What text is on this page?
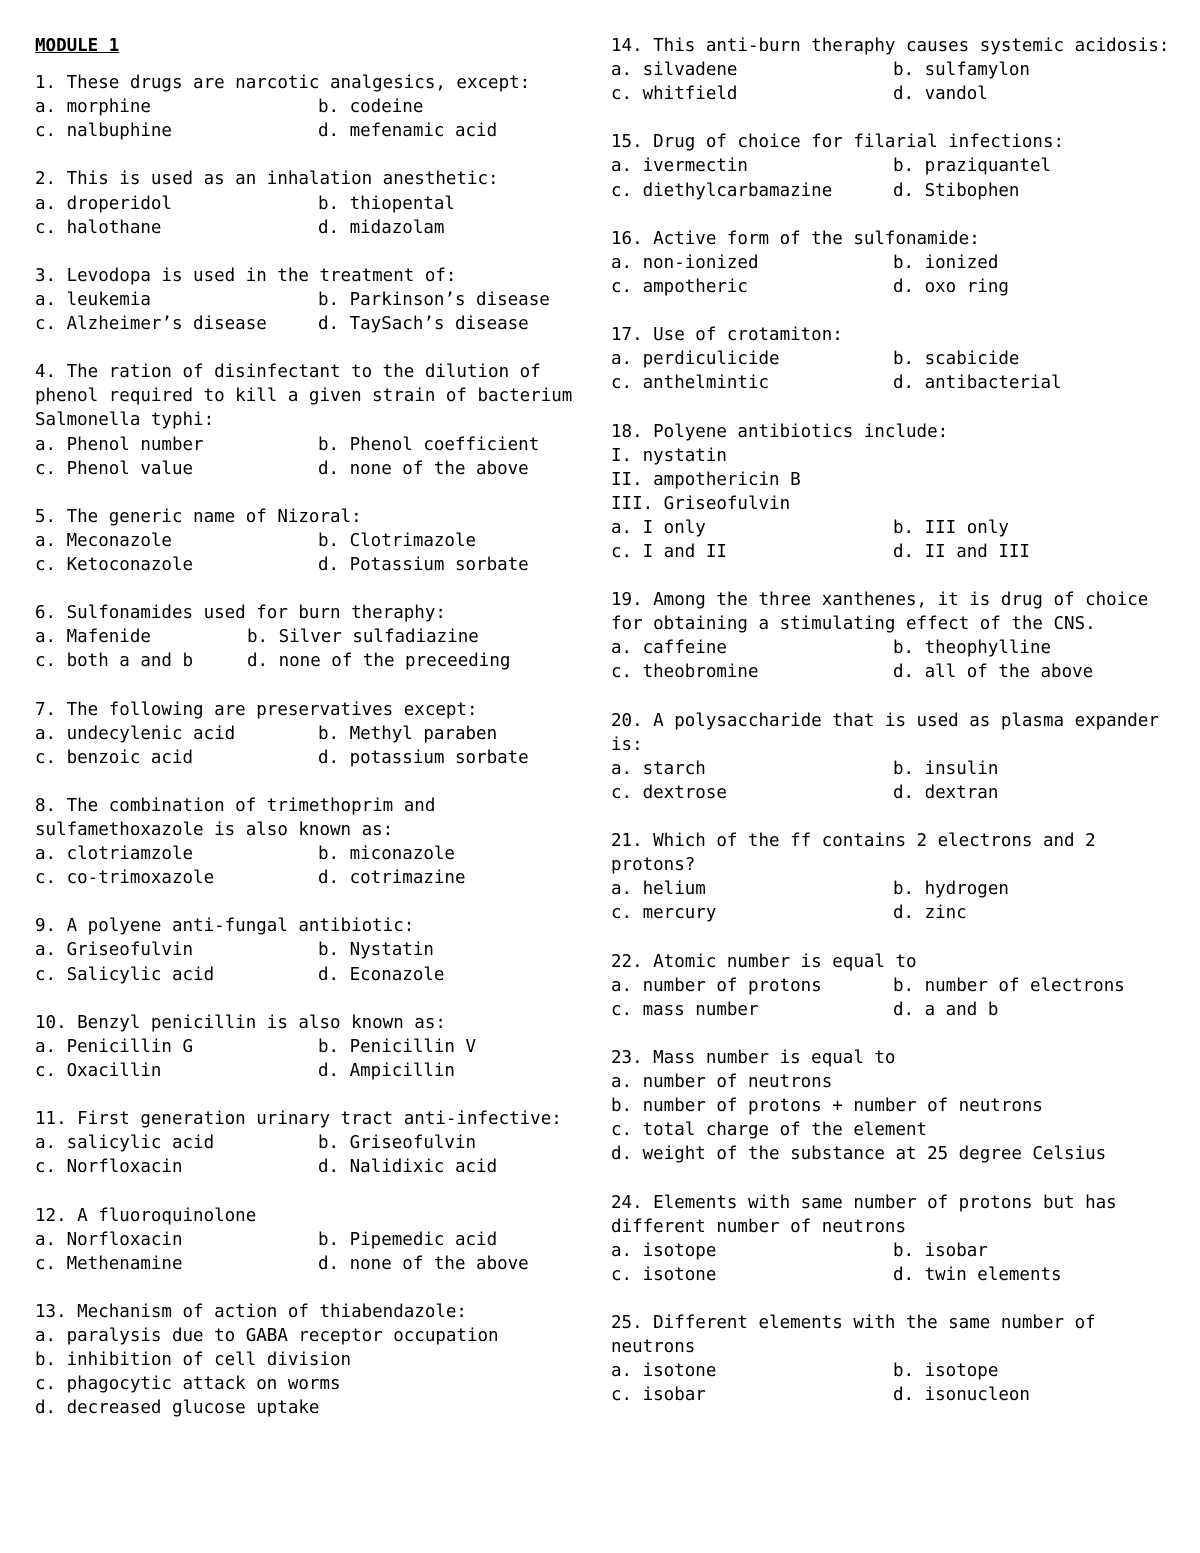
MODULE 1

1. These drugs are narcotic analgesics, except:

a. morphine	b. codeine
c. nalbuphine	d. mefenamic acid

2. This is used as an inhalation anesthetic:

a. droperidol	b. thiopental
c. halothane	d. midazolam

3. Levodopa is used in the treatment of:

a. leukemia	b. Parkinson’s disease
c. Alzheimer’s disease	d. TaySach’s disease

4. The ration of disinfectant to the dilution of phenol required to kill a given strain of bacterium Salmonella typhi:

a. Phenol number	b. Phenol coefficient
c. Phenol value	d. none of the above

5. The generic name of Nizoral:

a. Meconazole	b. Clotrimazole
c. Ketoconazole	d. Potassium sorbate

6. Sulfonamides used for burn theraphy:

a. Mafenide	b. Silver sulfadiazine
c. both a and b	d. none of the preceeding

7. The following are preservatives except:

a. undecylenic acid	b. Methyl paraben
c. benzoic acid	d. potassium sorbate

8. The combination of trimethoprim and sulfamethoxazole is also known as:

a. clotriamzole	b. miconazole
c. co-trimoxazole	d. cotrimazine

9. A polyene anti-fungal antibiotic:

a. Griseofulvin	b. Nystatin
c. Salicylic acid	d. Econazole

10. Benzyl penicillin is also known as:

a. Penicillin G	b. Penicillin V
c. Oxacillin	d. Ampicillin

11. First generation urinary tract anti-infective:

a. salicylic acid	b. Griseofulvin
c. Norfloxacin	d. Nalidixic acid

12. A fluoroquinolone

a. Norfloxacin	b. Pipemedic acid
c. Methenamine	d. none of the above

13. Mechanism of action of thiabendazole:

a. paralysis due to GABA receptor occupation
b. inhibition of cell division
c. phagocytic attack on worms
d. decreased glucose uptake

14. This anti-burn theraphy causes systemic acidosis:

a. silvadene	b. sulfamylon
c. whitfield	d. vandol

15. Drug of choice for filarial infections:

a. ivermectin	b. praziquantel
c. diethylcarbamazine	d. Stibophen

16. Active form of the sulfonamide:

a. non-ionized	b. ionized
c. ampotheric	d. oxo ring

17. Use of crotamiton:

a. perdiculicide	b. scabicide
c. anthelmintic	d. antibacterial

18. Polyene antibiotics include:

I. nystatin
II. ampothericin B
III. Griseofulvin
a. I only	b. III only
c. I and II	d. II and III

19. Among the three xanthenes, it is drug of choice for obtaining a stimulating effect of the CNS.

a. caffeine	b. theophylline
c. theobromine	d. all of the above

20. A polysaccharide that is used as plasma expander is:

a. starch	b. insulin
c. dextrose	d. dextran

21. Which of the ff contains 2 electrons and 2 protons?

a. helium	b. hydrogen
c. mercury	d. zinc

22. Atomic number is equal to

a. number of protons	b. number of electrons
c. mass number	d. a and b

23. Mass number is equal to

a. number of neutrons
b. number of protons + number of neutrons
c. total charge of the element
d. weight of the substance at 25 degree Celsius

24. Elements with same number of protons but has different number of neutrons

a. isotope	b. isobar
c. isotone	d. twin elements

25. Different elements with the same number of neutrons

a. isotone	b. isotope
c. isobar	d. isonucleon
